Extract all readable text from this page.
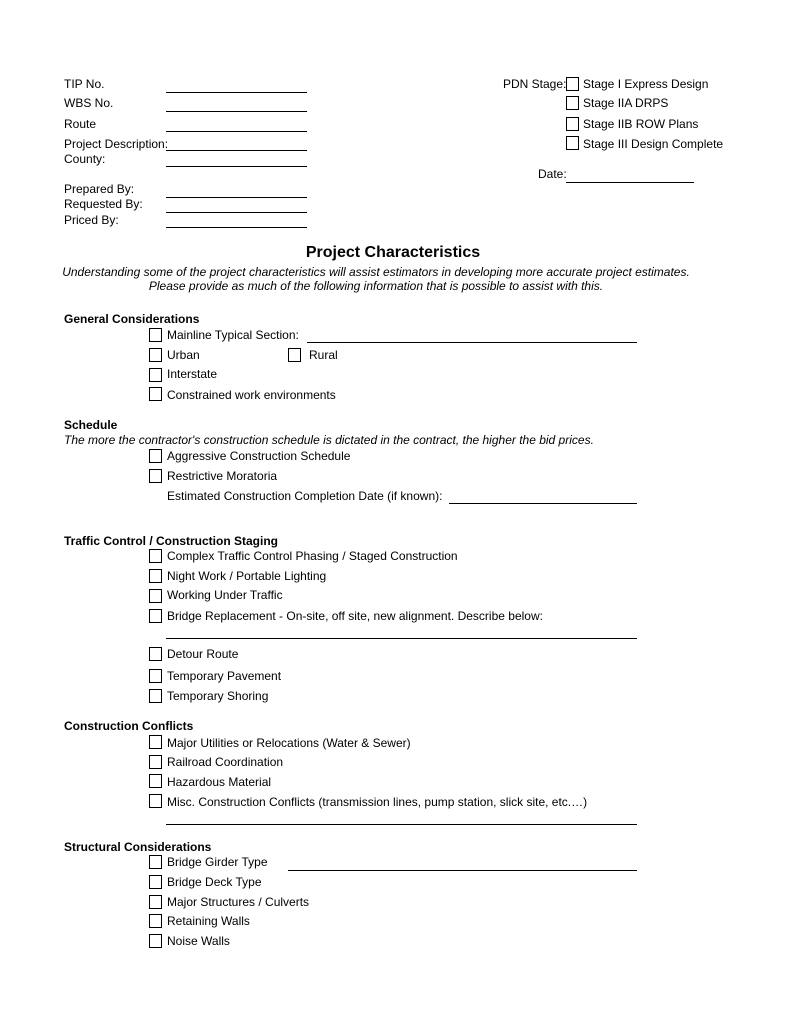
TIP No.
WBS No.
Route
Project Description:
County:
Prepared By:
Requested By:
Priced By:
PDN Stage: Stage I Express Design
Stage IIA DRPS
Stage IIB ROW Plans
Stage III Design Complete
Date:
Project Characteristics
Understanding some of the project characteristics will assist estimators in developing more accurate project estimates.
Please provide as much of the following information that is possible to assist with this.
General Considerations
Mainline Typical Section:
Urban	Rural
Interstate
Constrained work environments
Schedule
The more the contractor's construction schedule is dictated in the contract, the higher the bid prices.
Aggressive Construction Schedule
Restrictive Moratoria
Estimated Construction Completion Date (if known):
Traffic Control / Construction Staging
Complex Traffic Control Phasing / Staged Construction
Night Work / Portable Lighting
Working Under Traffic
Bridge Replacement - On-site, off site, new alignment. Describe below:
Detour Route
Temporary Pavement
Temporary Shoring
Construction Conflicts
Major Utilities or Relocations (Water & Sewer)
Railroad Coordination
Hazardous Material
Misc. Construction Conflicts (transmission lines, pump station, slick site, etc.…)
Structural Considerations
Bridge Girder Type
Bridge Deck Type
Major Structures / Culverts
Retaining Walls
Noise Walls
